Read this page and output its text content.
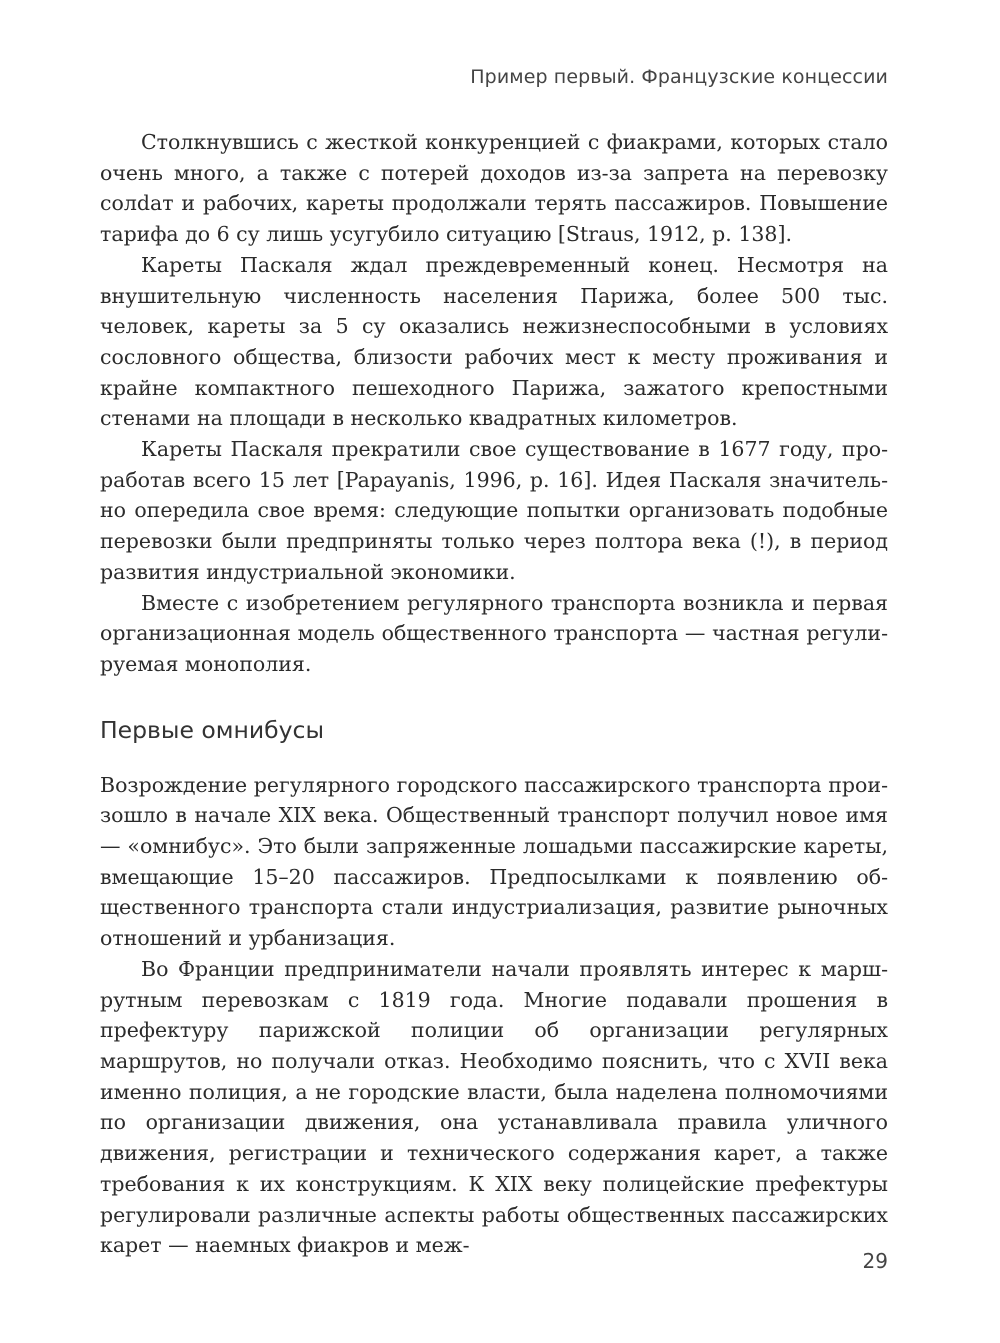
Пример первый. Французские концессии

Столкнувшись с жесткой конкуренцией с фиакрами, которых стало очень много, а также с потерей доходов из-за запрета на перевозку солdат и рабочих, кареты продолжали терять пассажиров. Повышение тарифа до 6 су лишь усугубило ситуацию [Straus, 1912, p. 138].

Кареты Паскаля ждал преждевременный конец. Несмотря на внушительную численность населения Парижа, более 500 тыс. человек, кареты за 5 су оказались нежизнеспособными в условиях сословного общества, близости рабочих мест к месту проживания и крайне компактного пешеходного Парижа, зажатого крепостными стенами на площади в несколько квадратных километров.

Кареты Паскаля прекратили свое существование в 1677 году, проработав всего 15 лет [Papayanis, 1996, p. 16]. Идея Паскаля значительно опередила свое время: следующие попытки организовать подобные перевозки были предприняты только через полтора века (!), в период развития индустриальной экономики.

Вместе с изобретением регулярного транспорта возникла и первая организационная модель общественного транспорта — частная регулируемая монополия.

Первые омнибусы

Возрождение регулярного городского пассажирского транспорта произошло в начале XIX века. Общественный транспорт получил новое имя — «омнибус». Это были запряженные лошадьми пассажирские кареты, вмещающие 15–20 пассажиров. Предпосылками к появлению общественного транспорта стали индустриализация, развитие рыночных отношений и урбанизация.

Во Франции предприниматели начали проявлять интерес к маршрутным перевозкам с 1819 года. Многие подавали прошения в префектуру парижской полиции об организации регулярных маршрутов, но получали отказ. Необходимо пояснить, что с XVII века именно полиция, а не городские власти, была наделена полномочиями по организации движения, она устанавливала правила уличного движения, регистрации и технического содержания карет, а также требования к их конструкциям. К XIX веку полицейские префектуры регулировали различные аспекты работы общественных пассажирских карет — наемных фиакров и меж-

29
